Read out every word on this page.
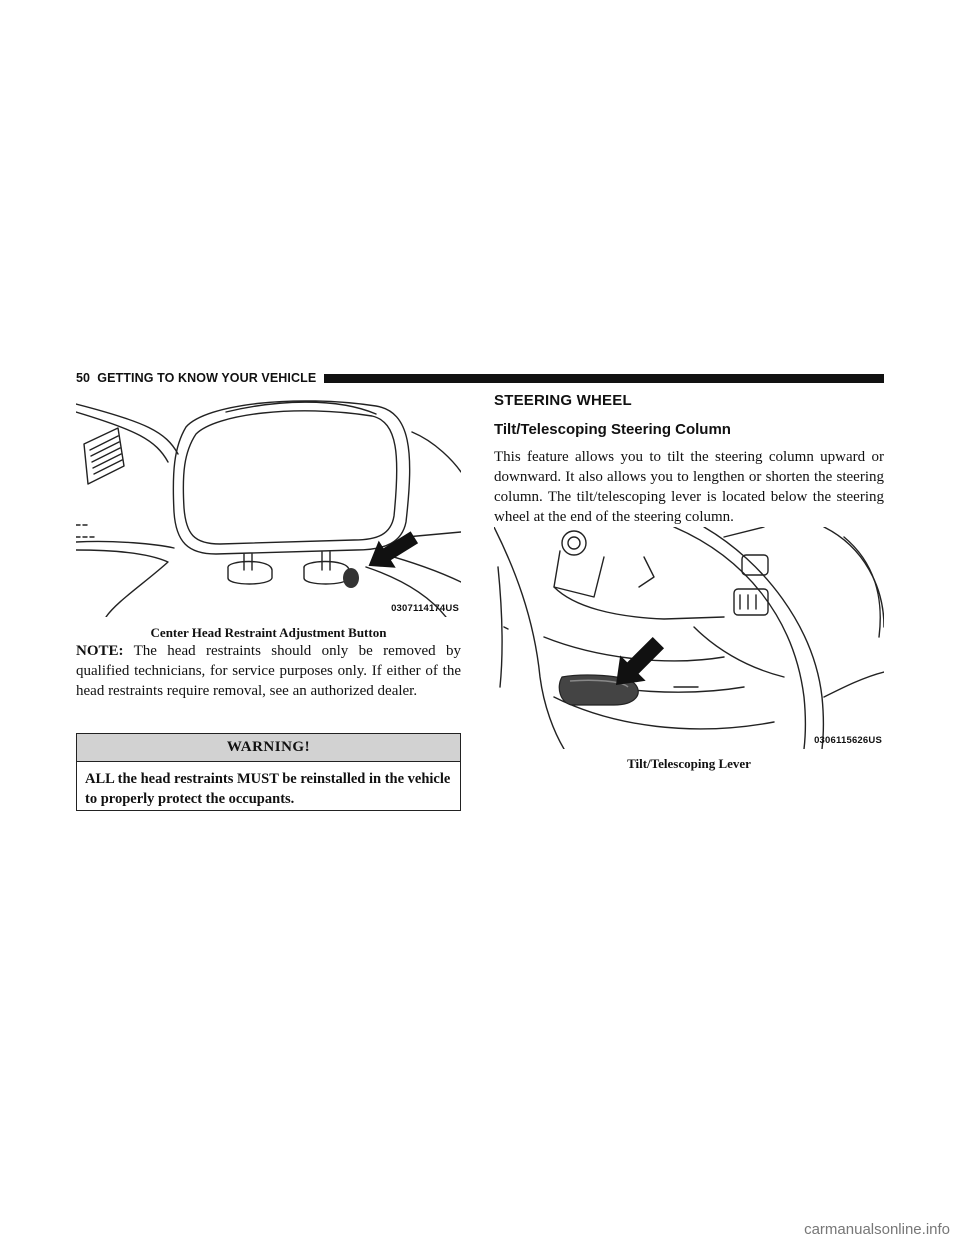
50 GETTING TO KNOW YOUR VEHICLE
0307114174US
Center Head Restraint Adjustment Button

NOTE: The head restraints should only be removed by qualified technicians, for service purposes only. If either of the head restraints require removal, see an authorized dealer.

WARNING!
ALL the head restraints MUST be reinstalled in the vehicle to properly protect the occupants.
STEERING WHEEL
Tilt/Telescoping Steering Column

This feature allows you to tilt the steering column upward or downward. It also allows you to lengthen or shorten the steering column. The tilt/telescoping lever is located below the steering wheel at the end of the steering column.

0306115626US
Tilt/Telescoping Lever
carmanualsonline.info
